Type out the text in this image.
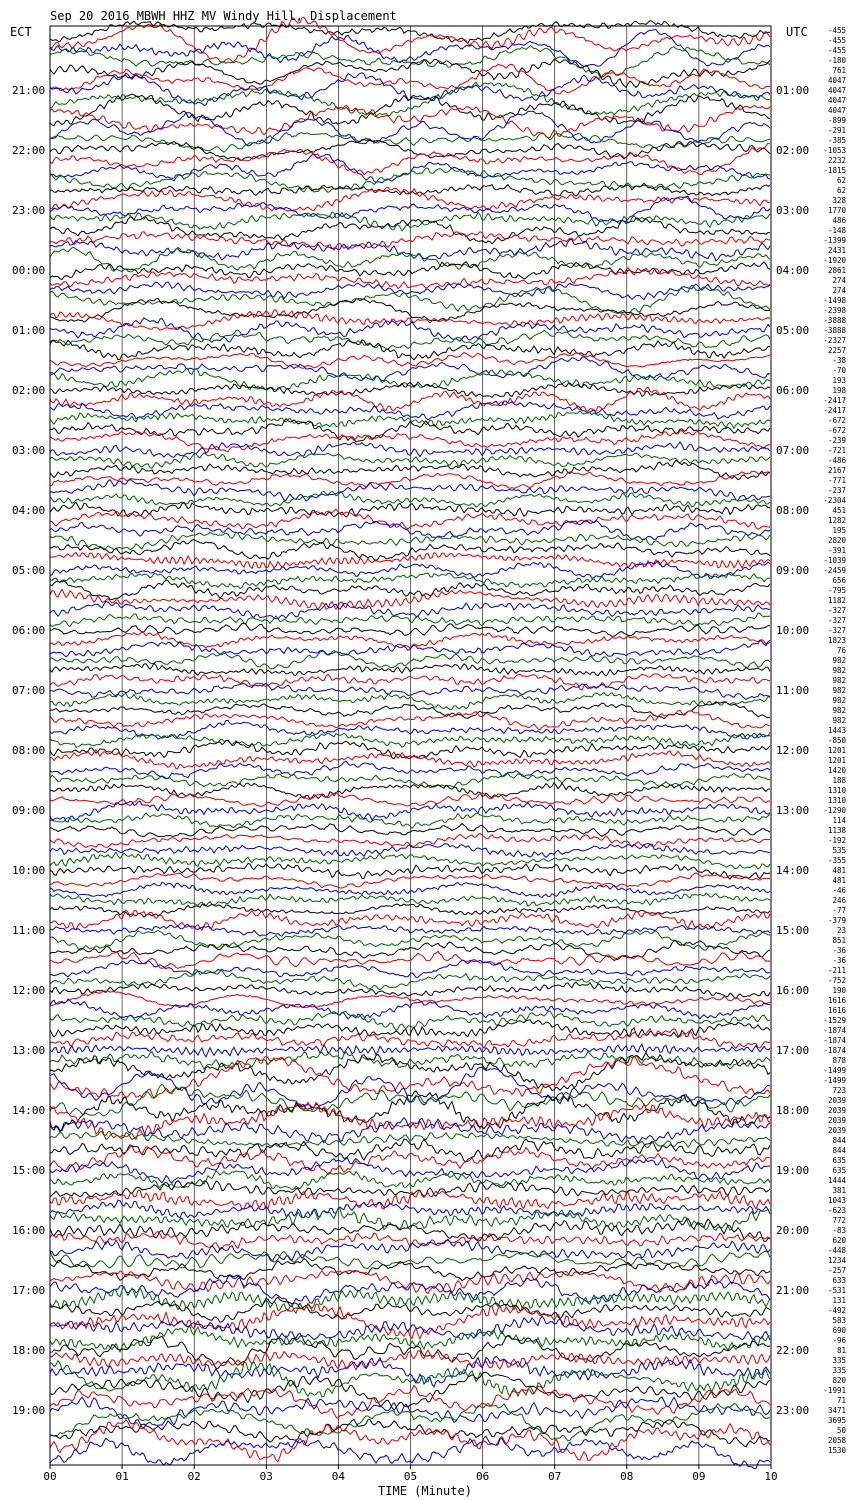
Sep 20 2016 MBWH HHZ MV Windy Hill, Displacement
ECT	UTC
TIME (Minute)
00	01	02	03	04	05	06	07	08	09	10
-455
-455
-455
-180
761
4047
4047
4047
4047
-899
-291
-385
-1053
2232
-1815
62
62
328
1770
486
-148
-1399
2431
-1920
2861
274
274
-1498
-2398
-3888
-3888
-2327
2257
-38
-70
193
198
-2417
-2417
-672
-672
-239
-721
-486
2167
-771
-237
-2304
451
1282
195
2820
-391
-1039
-2459
656
-795
1182
-327
-327
-327
1823
76
982
982
982
982
982
982
982
1443
-850
1201
1201
1420
188
1310
1310
-1290
114
1138
-192
535
-355
481
481
-46
246
-77
-379
23
851
-36
-36
-211
-752
190
1616
1616
-1529
-1874
-1874
-1874
878
-1499
-1499
723
2039
2039
2039
2039
844
844
635
635
1444
381
1043
-623
772
-83
620
-448
1234
-257
633
-531
131
-492
583
690
-96
81
335
335
820
-1991
71
3471
3695
50
2058
1530
21:00	01:00
22:00	02:00
23:00	03:00
00:00	04:00
01:00	05:00
02:00	06:00
03:00	07:00
04:00	08:00
05:00	09:00
06:00	10:00
07:00	11:00
08:00	12:00
09:00	13:00
10:00	14:00
11:00	15:00
12:00	16:00
13:00	17:00
14:00	18:00
15:00	19:00
16:00	20:00
17:00	21:00
18:00	22:00
19:00	23:00
